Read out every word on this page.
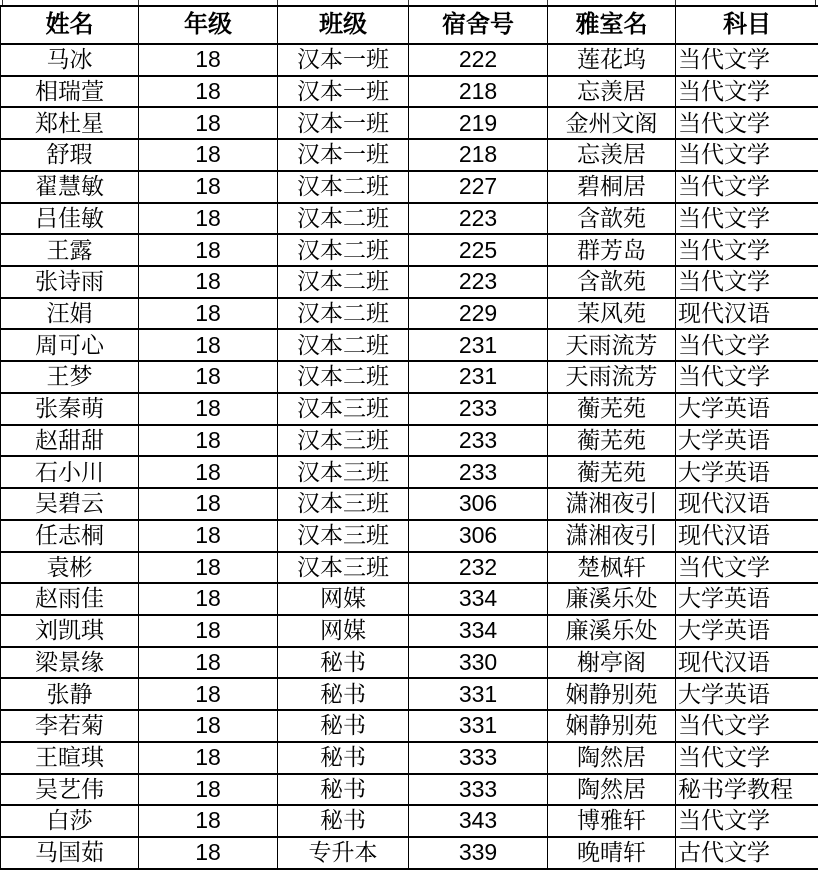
姓名	年级	班级	宿舍号	雅室名	科目
马冰	18	汉本一班	222	莲花坞	当代文学
相瑞萱	18	汉本一班	218	忘羡居	当代文学
郑杜星	18	汉本一班	219	金州文阁	当代文学
舒瑕	18	汉本一班	218	忘羡居	当代文学
翟慧敏	18	汉本二班	227	碧桐居	当代文学
吕佳敏	18	汉本二班	223	含歆苑	当代文学
王露	18	汉本二班	225	群芳岛	当代文学
张诗雨	18	汉本二班	223	含歆苑	当代文学
汪娟	18	汉本二班	229	茉风苑	现代汉语
周可心	18	汉本二班	231	天雨流芳	当代文学
王梦	18	汉本二班	231	天雨流芳	当代文学
张秦萌	18	汉本三班	233	蘅芜苑	大学英语
赵甜甜	18	汉本三班	233	蘅芜苑	大学英语
石小川	18	汉本三班	233	蘅芜苑	大学英语
吴碧云	18	汉本三班	306	潇湘夜引	现代汉语
任志桐	18	汉本三班	306	潇湘夜引	现代汉语
袁彬	18	汉本三班	232	楚枫轩	当代文学
赵雨佳	18	网媒	334	廉溪乐处	大学英语
刘凯琪	18	网媒	334	廉溪乐处	大学英语
梁景缘	18	秘书	330	榭亭阁	现代汉语
张静	18	秘书	331	娴静别苑	大学英语
李若菊	18	秘书	331	娴静别苑	当代文学
王暄琪	18	秘书	333	陶然居	当代文学
吴艺伟	18	秘书	333	陶然居	秘书学教程
白莎	18	秘书	343	博雅轩	当代文学
马国茹	18	专升本	339	晚晴轩	古代文学
